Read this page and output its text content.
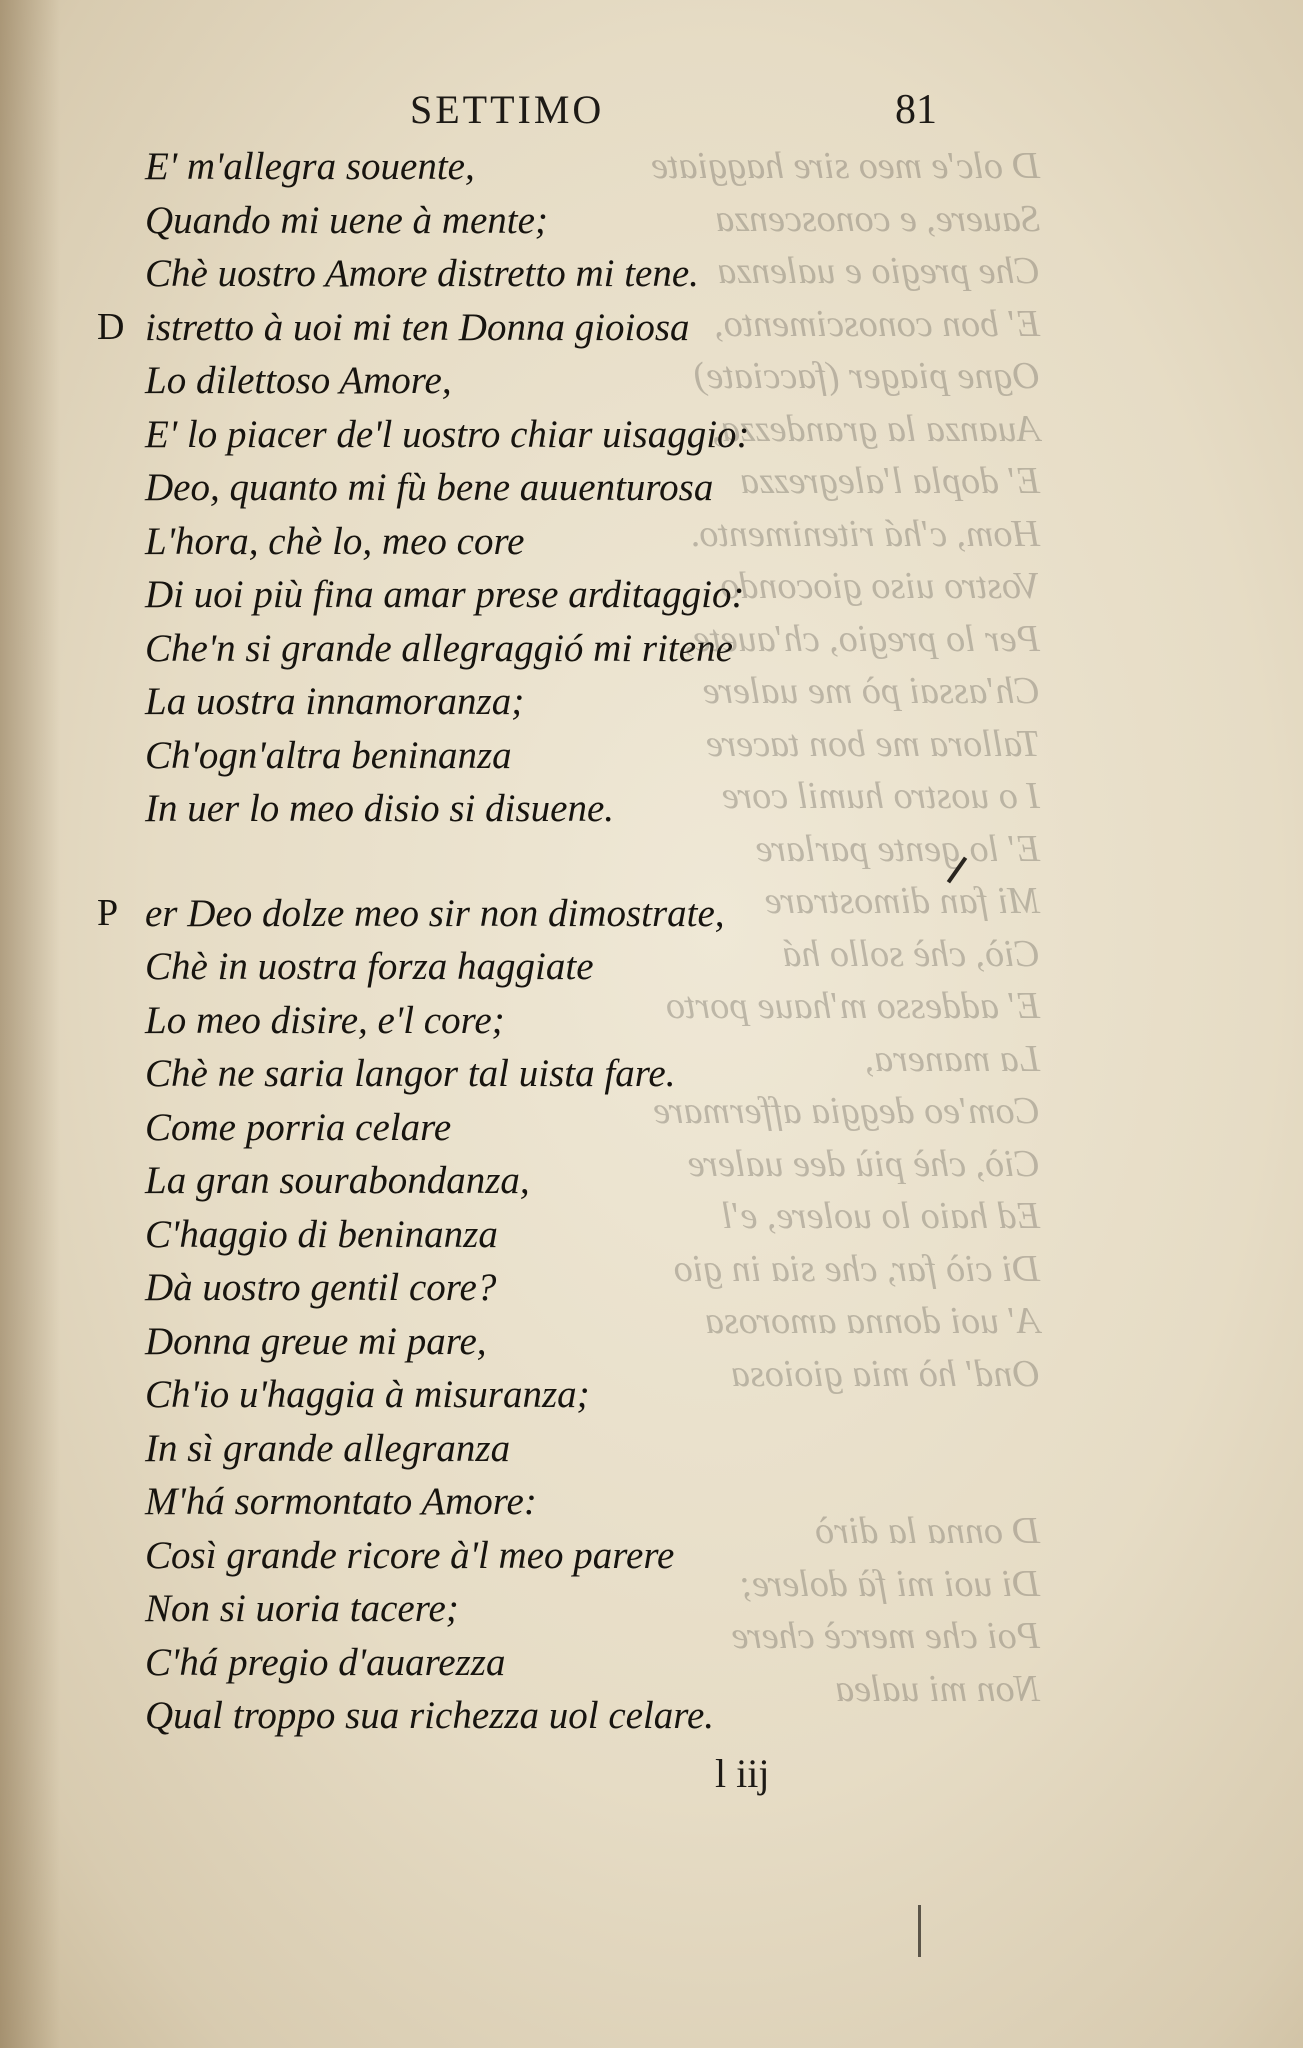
D olc'e meo sire haggiate
Sauere, e conoscenza
Che pregio e ualenza
E' bon conoscimento,
Ogne piager (facciate)
Auanza la grandezza,
E' dopla l'alegrezza
Hom, c'há ritenimento.
Vostro uiso giocondo
Per lo pregio, ch'auete,
Ch'assai pò me ualere
Tallora me bon tacere
I o uostro humil core
E' lo gente parlare
Mi fan dimostrare
Ciò, chè sollo há
E' addesso m'haue porto
La manera,
Com'eo deggia affermare
Ciò, chè più dee ualere
Ed haio lo uolere, e'l
Di ciò far, che sia in gio
A' uoi donna amorosa
Ond' hò mia gioiosa
D onna la dirò
Di uoi mi fà dolere;
Poi che mercè chere
Non mi ualea
SETTIMO	81
E' m'allegra souente,
Quando mi uene à mente;
Chè uostro Amore distretto mi tene.
D istretto à uoi mi ten Donna gioiosa
Lo dilettoso Amore,
E' lo piacer de'l uostro chiar uisaggio:
Deo, quanto mi fù bene auuenturosa
L'hora, chè lo, meo core
Di uoi più fina amar prese arditaggio:
Che'n si grande allegraggió mi ritene
La uostra innamoranza;
Ch'ogn'altra beninanza
In uer lo meo disio si disuene.
P er Deo dolze meo sir non dimostrate,
Chè in uostra forza haggiate
Lo meo disire, e'l core;
Chè ne saria langor tal uista fare.
Come porria celare
La gran sourabondanza,
C'haggio di beninanza
Dà uostro gentil core?
Donna greue mi pare,
Ch'io u'haggia à misuranza;
In sì grande allegranza
M'há sormontato Amore:
Così grande ricore à'l meo parere
Non si uoria tacere;
C'há pregio d'auarezza
Qual troppo sua richezza uol celare.
l iij
